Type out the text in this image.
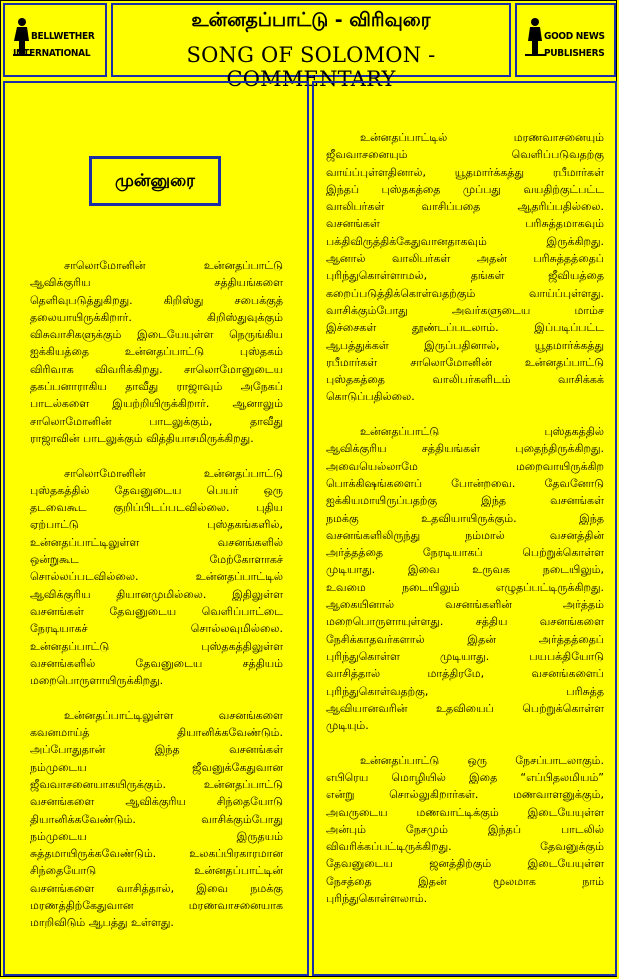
BELLWETHER
INTERNATIONAL
உன்னதப்பாட்டு - விரிவுரை
SONG OF SOLOMON - COMMENTARY
GOOD NEWS
PUBLISHERS
முன்னுரை

சாலொமோனின் உன்னதப்பாட்டு
ஆவிக்குரிய சத்தியங்களை
தெளிவுபடுத்துகிறது. கிறிஸ்து சபைக்குத்
தலையாயிருக்கிறார். கிறிஸ்துவுக்கும்
விசுவாசிகளுக்கும் இடையேயுள்ள நெருங்கிய
ஐக்கியத்தை உன்னதப்பாட்டு புஸ்தகம்
விரிவாக விவரிக்கிறது. சாலொமோனுடைய
தகப்பனாராகிய தாவீது ராஜாவும் அநேகப்
பாடல்களை இயற்றியிருக்கிறார். ஆனாலும்
சாலொமோனின் பாடலுக்கும், தாவீது
ராஜாவின் பாடலுக்கும் வித்தியாசமிருக்கிறது.

சாலொமோனின் உன்னதப்பாட்டு
புஸ்தகத்தில் தேவனுடைய பெயர் ஒரு
தடவைகூட குறிப்பிடப்படவில்லை. புதிய
ஏற்பாட்டு புஸ்தகங்களில்,
உன்னதப்பாட்டிலுள்ள வசனங்களில்
ஒன்றுகூட மேற்கோளாகச்
சொல்லப்படவில்லை. உன்னதப்பாட்டில்
ஆவிக்குரிய தியானமுமில்லை. இதிலுள்ள
வசனங்கள் தேவனுடைய வெளிப்பாட்டை
நேரடியாகச் சொல்லவுமில்லை.
உன்னதப்பாட்டு புஸ்தகத்திலுள்ள
வசனங்களில் தேவனுடைய சத்தியம்
மறைபொருளாயிருக்கிறது.

உன்னதப்பாட்டிலுள்ள வசனங்களை
கவனமாய்த் தியானிக்கவேண்டும்.
அப்போதுதான் இந்த வசனங்கள்
நம்முடைய ஜீவனுக்கேதுவான
ஜீவவாசனையாகயிருக்கும். உன்னதப்பாட்டு
வசனங்களை ஆவிக்குரிய சிந்தையோடு
தியானிக்கவேண்டும். வாசிக்கும்போது
நம்முடைய இருதயம்
சுத்தமாயிருக்கவேண்டும். உலகப்பிரகாரமான
சிந்தையோடு உன்னதப்பாட்டின்
வசனங்களை வாசித்தால், இவை நமக்கு
மரணத்திற்கேதுவான மரணவாசனையாக
மாறிவிடும் ஆபத்து உள்ளது.

உன்னதப்பாட்டில் மரணவாசனையும்
ஜீவவாசனையும் வெளிப்படுவதற்கு
வாய்ப்புள்ளதினால், யூதமார்க்கத்து ரபீமார்கள்
இந்தப் புஸ்தகத்தை முப்பது வயதிற்குட்பட்ட
வாலிபர்கள் வாசிப்பதை ஆதரிப்பதில்லை.
வசனங்கள் பரிசுத்தமாகவும்
பக்திவிருத்திக்கேதுவானதாகவும் இருக்கிறது.
ஆனால் வாலிபர்கள் அதன் பரிசுத்தத்தைப்
புரிந்துகொள்ளாமல், தங்கள் ஜீவியத்தை
கறைப்படுத்திக்கொள்வதற்கும் வாய்ப்புள்ளது.
வாசிக்கும்போது அவர்களுடைய மாம்ச
இச்சைகள் தூண்டப்படலாம். இப்படிப்பட்ட
ஆபத்துக்கள் இருப்பதினால், யூதமார்க்கத்து
ரபீமார்கள் சாலொமோனின் உன்னதப்பாட்டு
புஸ்தகத்தை வாலிபர்களிடம் வாசிக்கக்
கொடுப்பதில்லை.

உன்னதப்பாட்டு புஸ்தகத்தில்
ஆவிக்குரிய சத்தியங்கள் புதைந்திருக்கிறது.
அவையெல்லாமே மறைவாயிருக்கிற
பொக்கிஷங்களைப் போன்றவை. தேவனோடு
ஐக்கியமாயிருப்பதற்கு இந்த வசனங்கள்
நமக்கு உதவியாயிருக்கும். இந்த
வசனங்களிலிருந்து நம்மால் வசனத்தின்
அர்த்தத்தை நேரடியாகப் பெற்றுக்கொள்ள
முடியாது. இவை உருவக நடையிலும்,
உவமை நடையிலும் எழுதப்பட்டிருக்கிறது.
ஆகையினால் வசனங்களின் அர்த்தம்
மறைபொருளாயுள்ளது. சத்திய வசனங்களை
நேசிக்காதவர்களால் இதன் அர்த்தத்தைப்
புரிந்துகொள்ள முடியாது. பயபக்தியோடு
வாசித்தால் மாத்திரமே, வசனங்களைப்
புரிந்துகொள்வதற்கு, பரிசுத்த
ஆவியானவரின் உதவியைப் பெற்றுக்கொள்ள
முடியும்.

உன்னதப்பாட்டு ஒரு நேசப்பாடலாகும்.
எபிரெய மொழியில் இதை “எப்பிதலமியம்”
என்று சொல்லுகிறார்கள். மணவாளனுக்கும்,
அவருடைய மணவாட்டிக்கும் இடையேயுள்ள
அன்பும் நேசமும் இந்தப் பாடலில்
விவரிக்கப்பட்டிருக்கிறது. தேவனுக்கும்
தேவனுடைய ஜனத்திற்கும் இடையேயுள்ள
நேசத்தை இதன் மூலமாக நாம்
புரிந்துகொள்ளலாம்.
